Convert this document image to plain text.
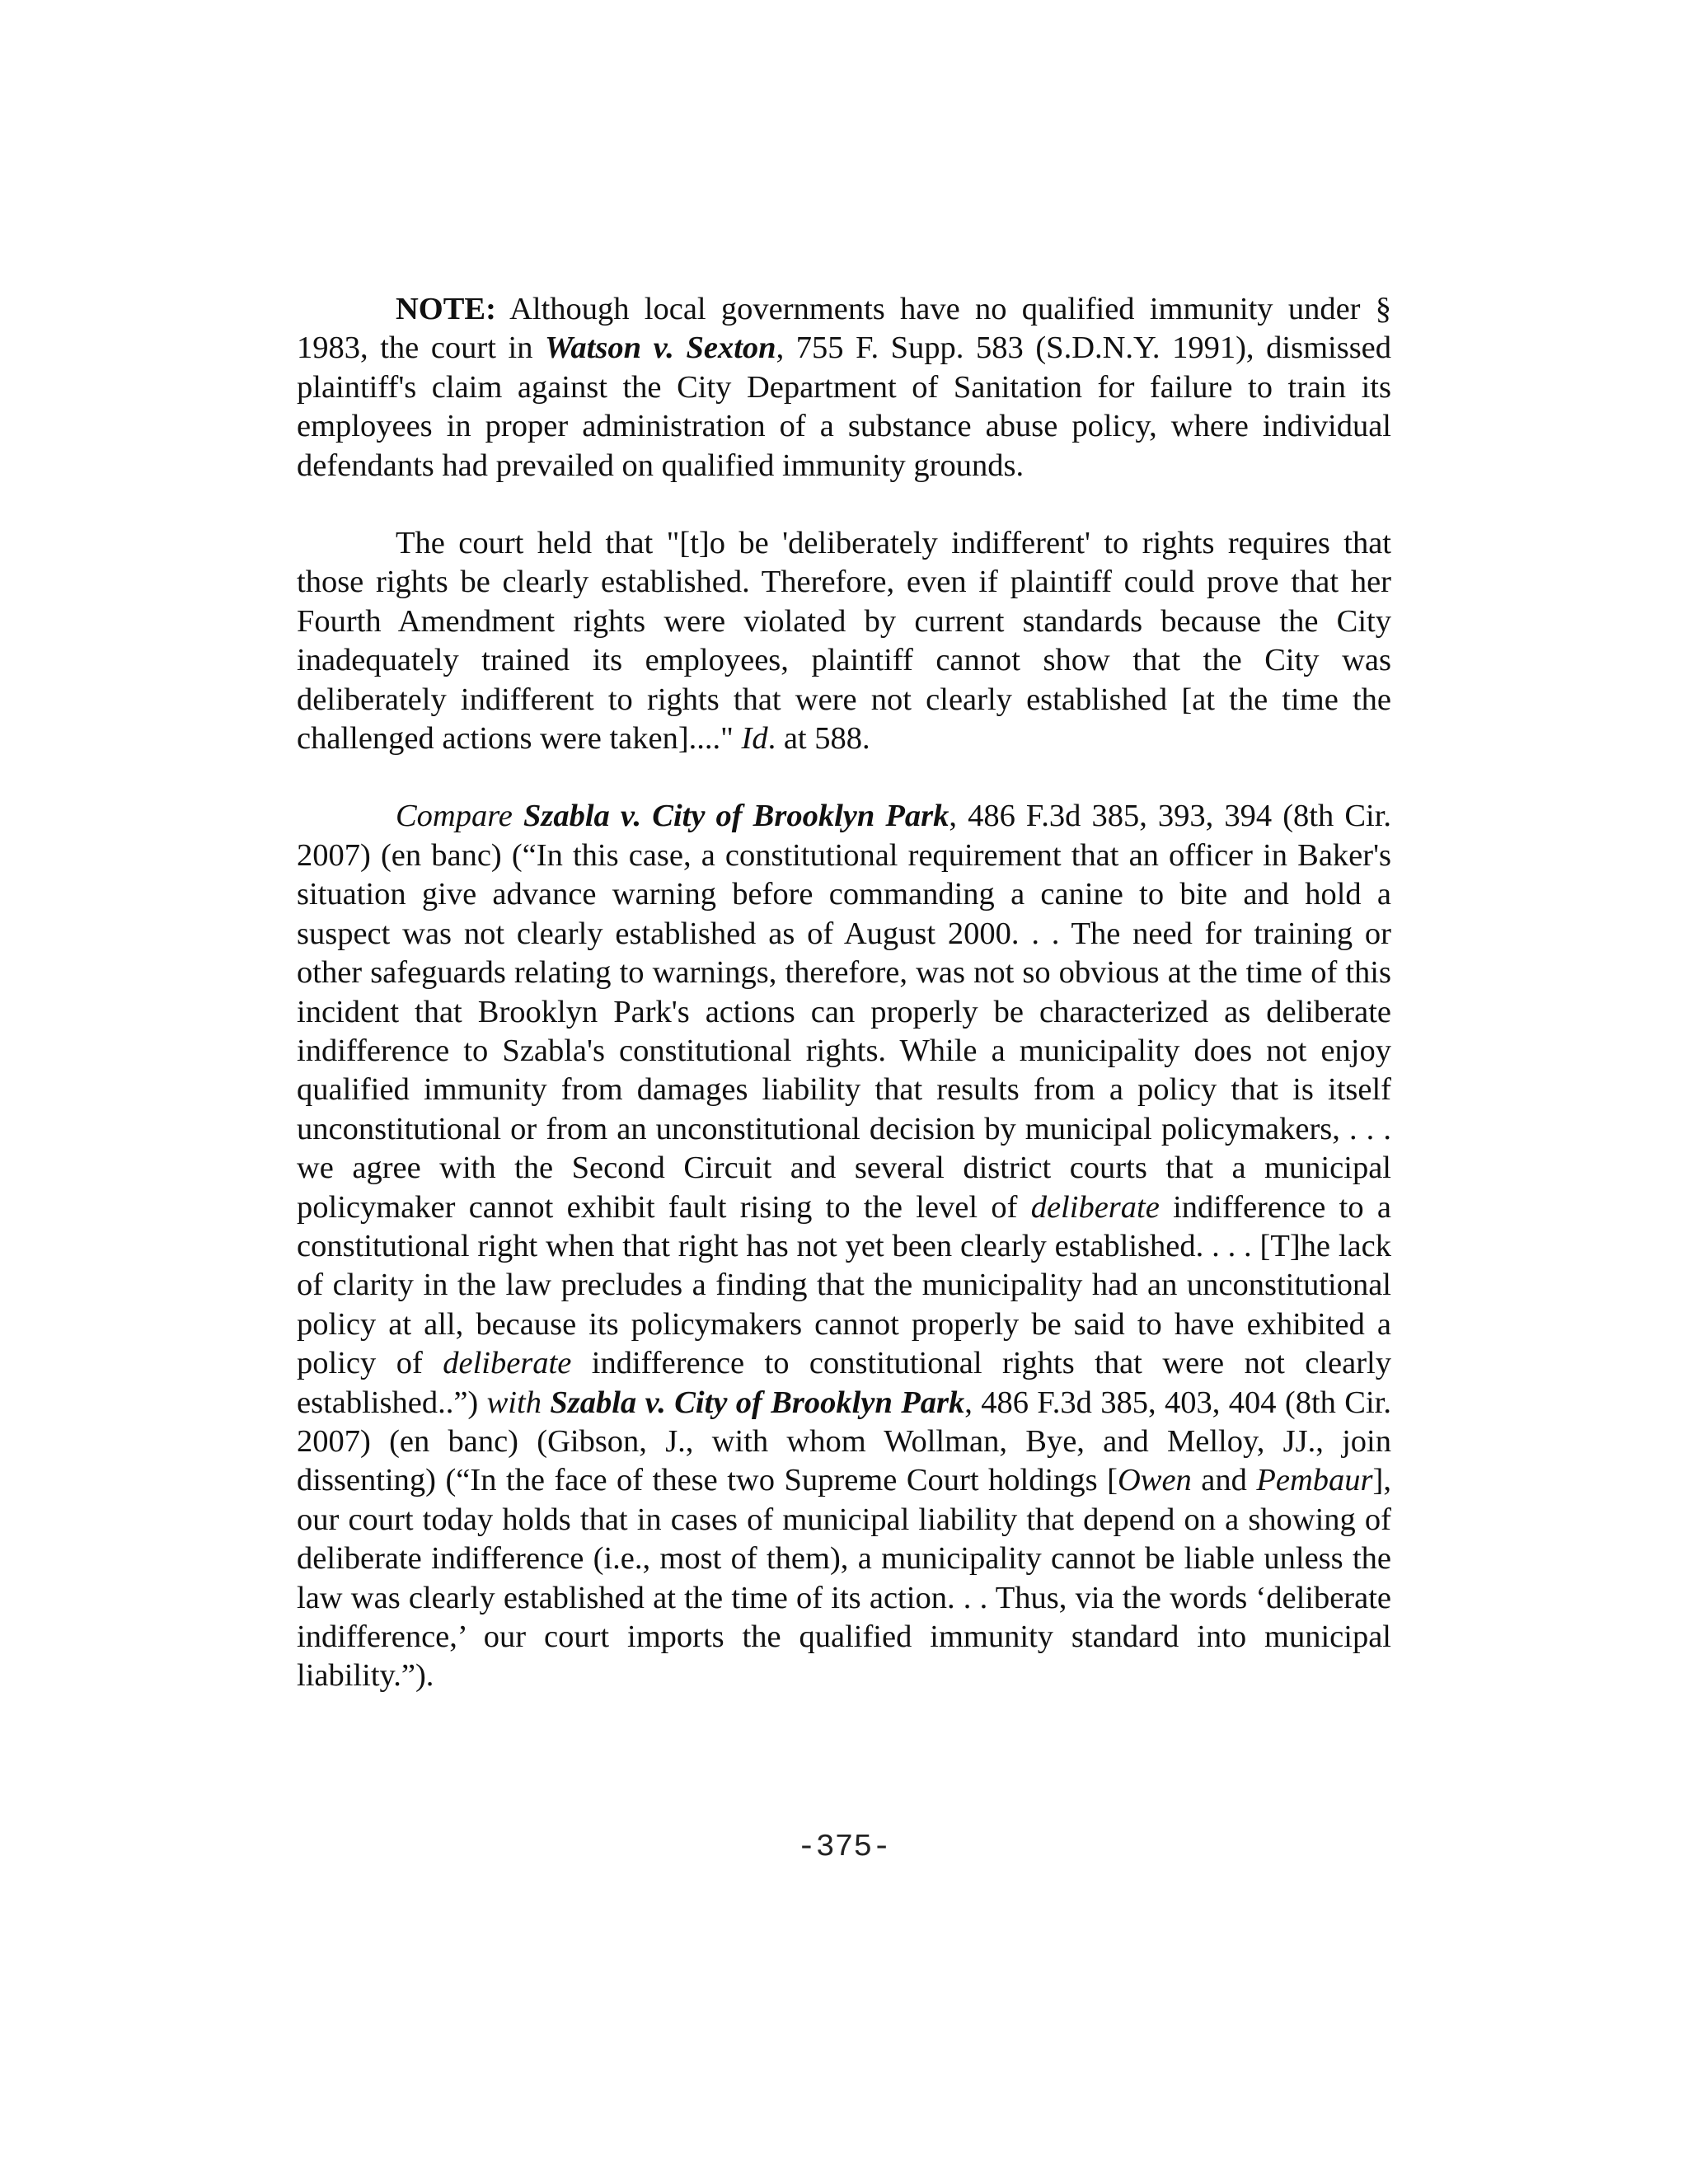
NOTE: Although local governments have no qualified immunity under § 1983, the court in Watson v. Sexton, 755 F. Supp. 583 (S.D.N.Y. 1991), dismissed plaintiff's claim against the City Department of Sanitation for failure to train its employees in proper administration of a substance abuse policy, where individual defendants had prevailed on qualified immunity grounds.

The court held that "[t]o be 'deliberately indifferent' to rights requires that those rights be clearly established. Therefore, even if plaintiff could prove that her Fourth Amendment rights were violated by current standards because the City inadequately trained its employees, plaintiff cannot show that the City was deliberately indifferent to rights that were not clearly established [at the time the challenged actions were taken]...." Id. at 588.

Compare Szabla v. City of Brooklyn Park, 486 F.3d 385, 393, 394 (8th Cir. 2007) (en banc) (“In this case, a constitutional requirement that an officer in Baker's situation give advance warning before commanding a canine to bite and hold a suspect was not clearly established as of August 2000. . . The need for training or other safeguards relating to warnings, therefore, was not so obvious at the time of this incident that Brooklyn Park's actions can properly be characterized as deliberate indifference to Szabla's constitutional rights. While a municipality does not enjoy qualified immunity from damages liability that results from a policy that is itself unconstitutional or from an unconstitutional decision by municipal policymakers, . . . we agree with the Second Circuit and several district courts that a municipal policymaker cannot exhibit fault rising to the level of deliberate indifference to a constitutional right when that right has not yet been clearly established. . . . [T]he lack of clarity in the law precludes a finding that the municipality had an unconstitutional policy at all, because its policymakers cannot properly be said to have exhibited a policy of deliberate indifference to constitutional rights that were not clearly established..”) with Szabla v. City of Brooklyn Park, 486 F.3d 385, 403, 404 (8th Cir. 2007) (en banc) (Gibson, J., with whom Wollman, Bye, and Melloy, JJ., join dissenting) (“In the face of these two Supreme Court holdings [Owen and Pembaur], our court today holds that in cases of municipal liability that depend on a showing of deliberate indifference (i.e., most of them), a municipality cannot be liable unless the law was clearly established at the time of its action. . . Thus, via the words ‘deliberate indifference,’ our court imports the qualified immunity standard into municipal liability.”).

-375-
